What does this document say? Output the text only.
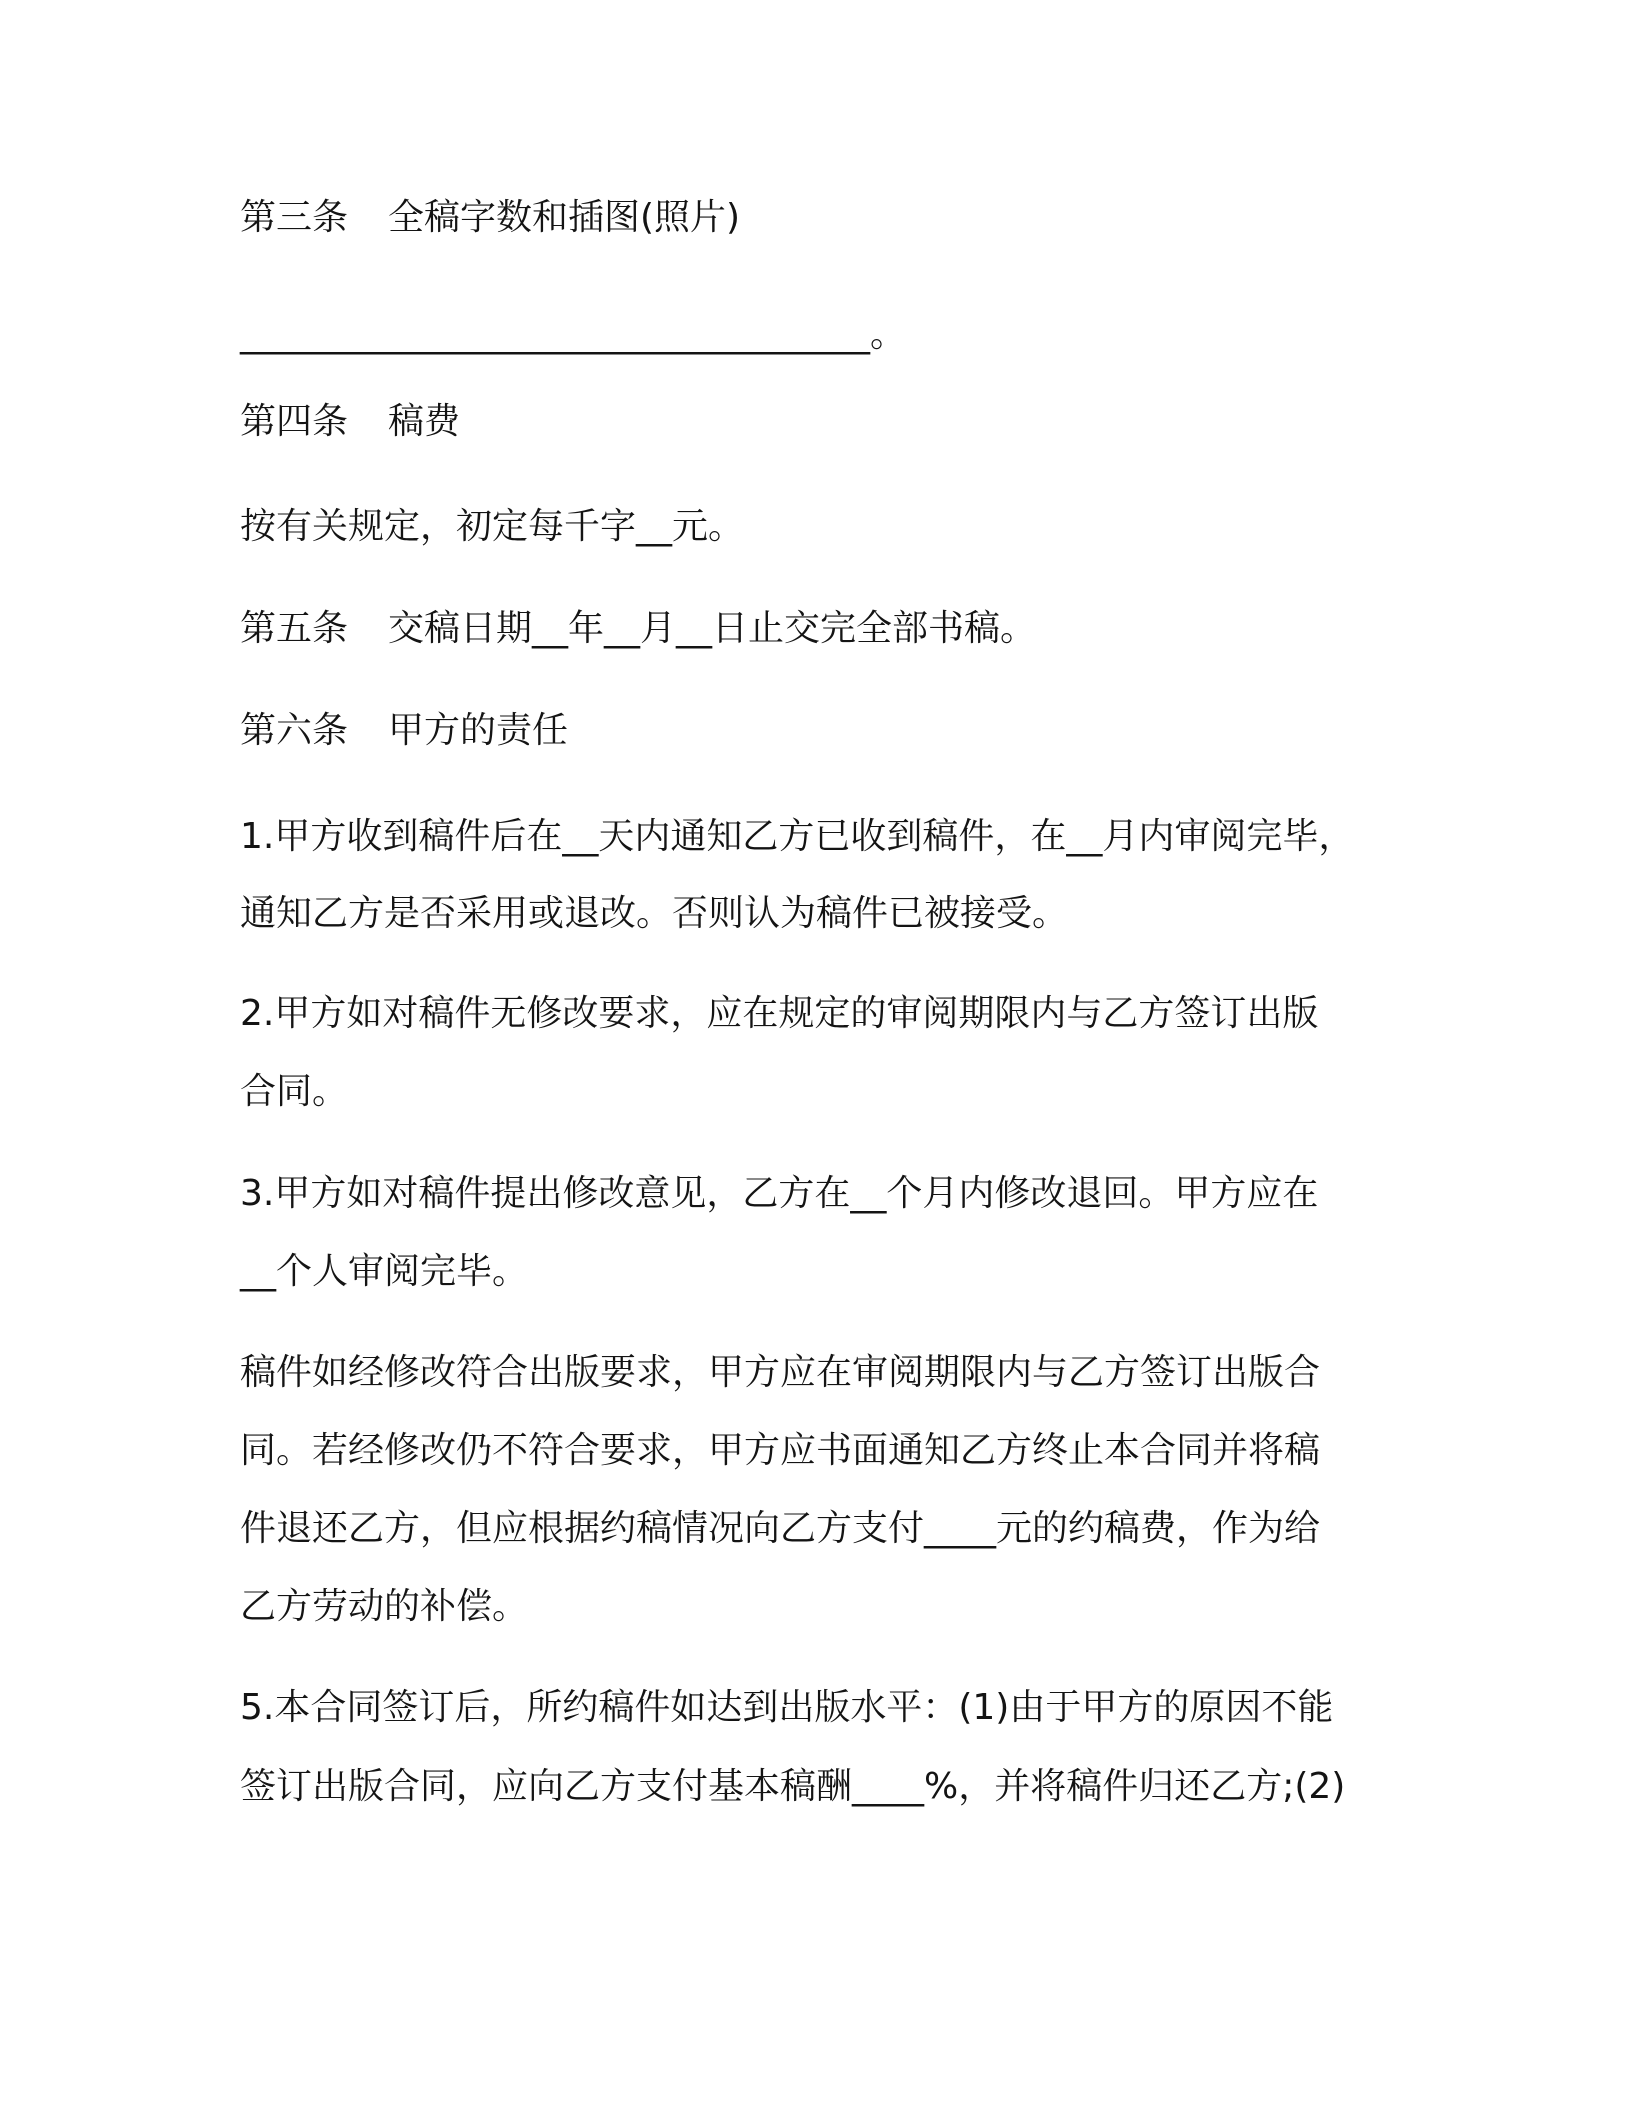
第三条 全稿字数和插图(照片)
___________________________________。
第四条 稿费
按有关规定，初定每千字__元。
第五条 交稿日期__年__月__日止交完全部书稿。
第六条 甲方的责任
1.甲方收到稿件后在__天内通知乙方已收到稿件，在__月内审阅完毕，
通知乙方是否采用或退改。否则认为稿件已被接受。
2.甲方如对稿件无修改要求，应在规定的审阅期限内与乙方签订出版
合同。
3.甲方如对稿件提出修改意见，乙方在__个月内修改退回。甲方应在
__个人审阅完毕。
稿件如经修改符合出版要求，甲方应在审阅期限内与乙方签订出版合
同。若经修改仍不符合要求，甲方应书面通知乙方终止本合同并将稿
件退还乙方，但应根据约稿情况向乙方支付____元的约稿费，作为给
乙方劳动的补偿。
5.本合同签订后，所约稿件如达到出版水平：(1)由于甲方的原因不能
签订出版合同，应向乙方支付基本稿酬____%，并将稿件归还乙方;(2)
